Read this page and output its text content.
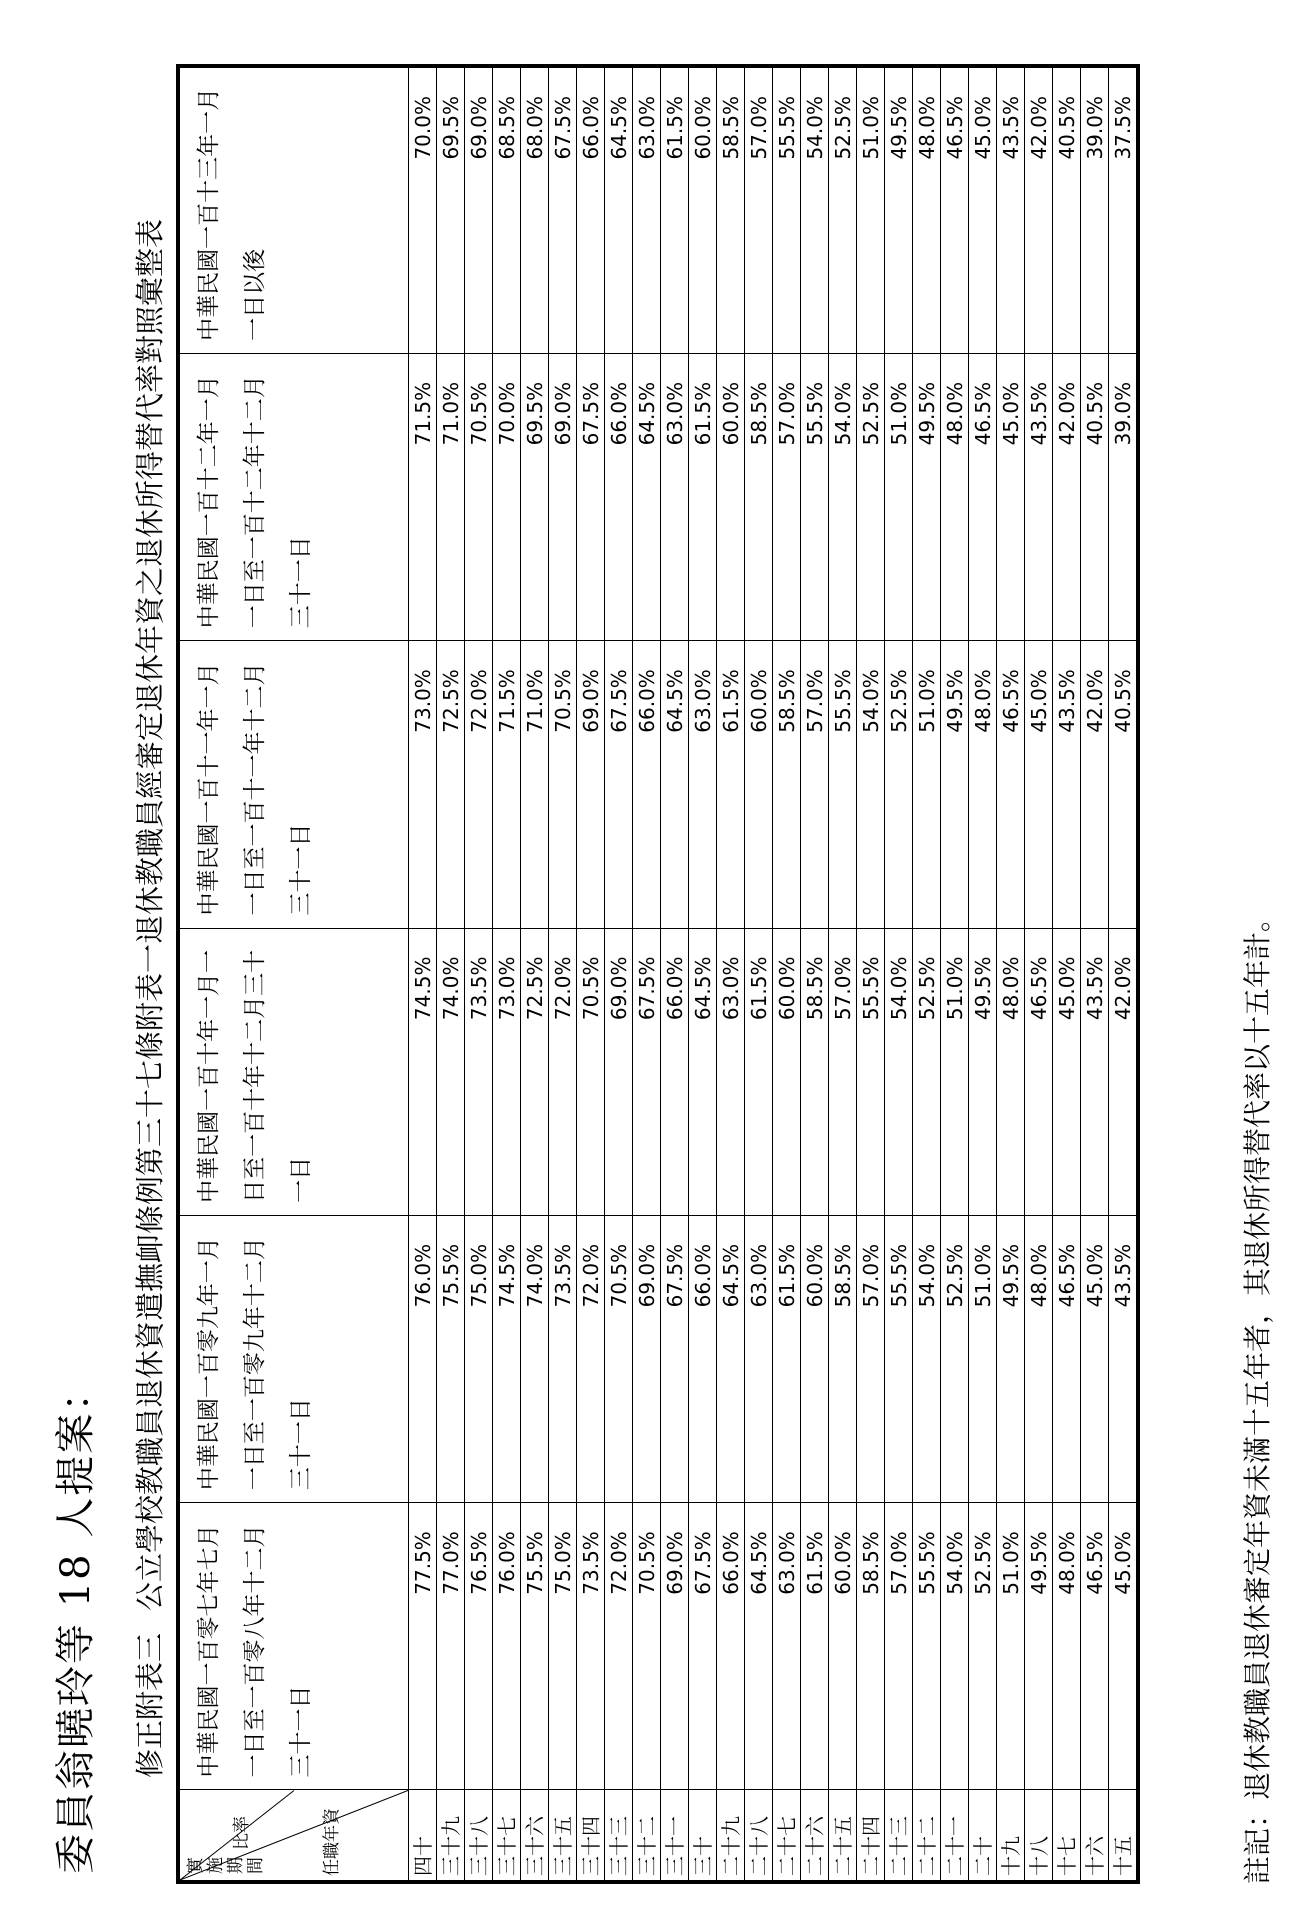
委員翁曉玲等 18 人提案： 修正附表三公立學校教職員退休資遣撫卹條例第三十七條附表一退休教職員經審定退休年資之退休所得替代率對照彙整表
實施期間
比率 任職年資	中華民國一百零七年七月一日至一百零八年十二月三十一日	中華民國一百零九年一月一日至一百零九年十二月三十一日	中華民國一百十年一月一日至一百十年十二月三十一日	中華民國一百十一年一月一日至一百十一年十二月三十一日	中華民國一百十二年一月一日至一百十二年十二月三十一日	中華民國一百十三年一月一日以後
四十	77.5%	76.0%	74.5%	73.0%	71.5%	70.0%
三十九	77.0%	75.5%	74.0%	72.5%	71.0%	69.5%
三十八	76.5%	75.0%	73.5%	72.0%	70.5%	69.0%
三十七	76.0%	74.5%	73.0%	71.5%	70.0%	68.5%
三十六	75.5%	74.0%	72.5%	71.0%	69.5%	68.0%
三十五	75.0%	73.5%	72.0%	70.5%	69.0%	67.5%
三十四	73.5%	72.0%	70.5%	69.0%	67.5%	66.0%
三十三	72.0%	70.5%	69.0%	67.5%	66.0%	64.5%
三十二	70.5%	69.0%	67.5%	66.0%	64.5%	63.0%
三十一	69.0%	67.5%	66.0%	64.5%	63.0%	61.5%
三十	67.5%	66.0%	64.5%	63.0%	61.5%	60.0%
二十九	66.0%	64.5%	63.0%	61.5%	60.0%	58.5%
二十八	64.5%	63.0%	61.5%	60.0%	58.5%	57.0%
二十七	63.0%	61.5%	60.0%	58.5%	57.0%	55.5%
二十六	61.5%	60.0%	58.5%	57.0%	55.5%	54.0%
二十五	60.0%	58.5%	57.0%	55.5%	54.0%	52.5%
二十四	58.5%	57.0%	55.5%	54.0%	52.5%	51.0%
二十三	57.0%	55.5%	54.0%	52.5%	51.0%	49.5%
二十二	55.5%	54.0%	52.5%	51.0%	49.5%	48.0%
二十一	54.0%	52.5%	51.0%	49.5%	48.0%	46.5%
二十	52.5%	51.0%	49.5%	48.0%	46.5%	45.0%
十九	51.0%	49.5%	48.0%	46.5%	45.0%	43.5%
十八	49.5%	48.0%	46.5%	45.0%	43.5%	42.0%
十七	48.0%	46.5%	45.0%	43.5%	42.0%	40.5%
十六	46.5%	45.0%	43.5%	42.0%	40.5%	39.0%
十五	45.0%	43.5%	42.0%	40.5%	39.0%	37.5%
註記：退休教職員退休審定年資未滿十五年者，其退休所得替代率以十五年計。
